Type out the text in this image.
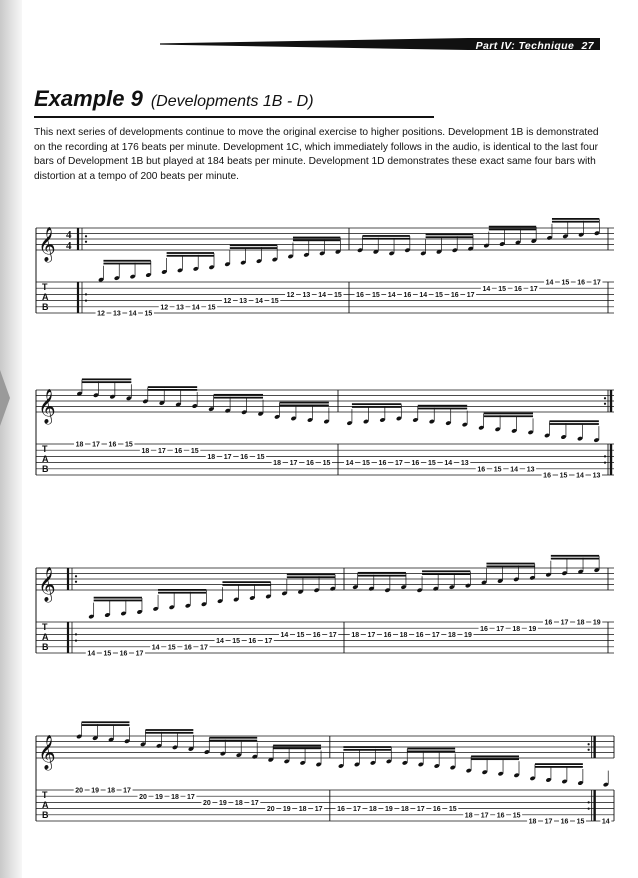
Part IV: Technique 27
Example 9 (Developments 1B - D)
This next series of developments continue to move the original exercise to higher positions. Development 1B is demonstrated on the recording at 176 beats per minute. Development 1C, which immediately follows in the audio, is identical to the last four bars of Development 1B but played at 184 beats per minute. Development 1D demonstrates these exact same four bars with distortion at a tempo of 200 beats per minute.
𝄞
T
A
B
4
4
12 13 14 15
12 13 14 15
12 13 14 15
12 13 14 15 16 15 14 16 14 15 16 17
14 15 16 17
14 15 16 17
𝄞
T
A
B
18 17 16 15
18 17 16 15
18 17 16 15
18 17 16 15 14 15 16 17 16 15 14 13
16 15 14 13
16 15 14 13
𝄞
T
A
B
14 15 16 17
14 15 16 17
14 15 16 17
14 15 16 17 18 17 16 18 16 17 18 19
16 17 18 19
16 17 18 19
𝄞
T
A
B
20 19 18 17
20 19 18 17
20 19 18 17
20 19 18 17 16 17 18 19 18 17 16 15
18 17 16 15
18 17 16 15	14
